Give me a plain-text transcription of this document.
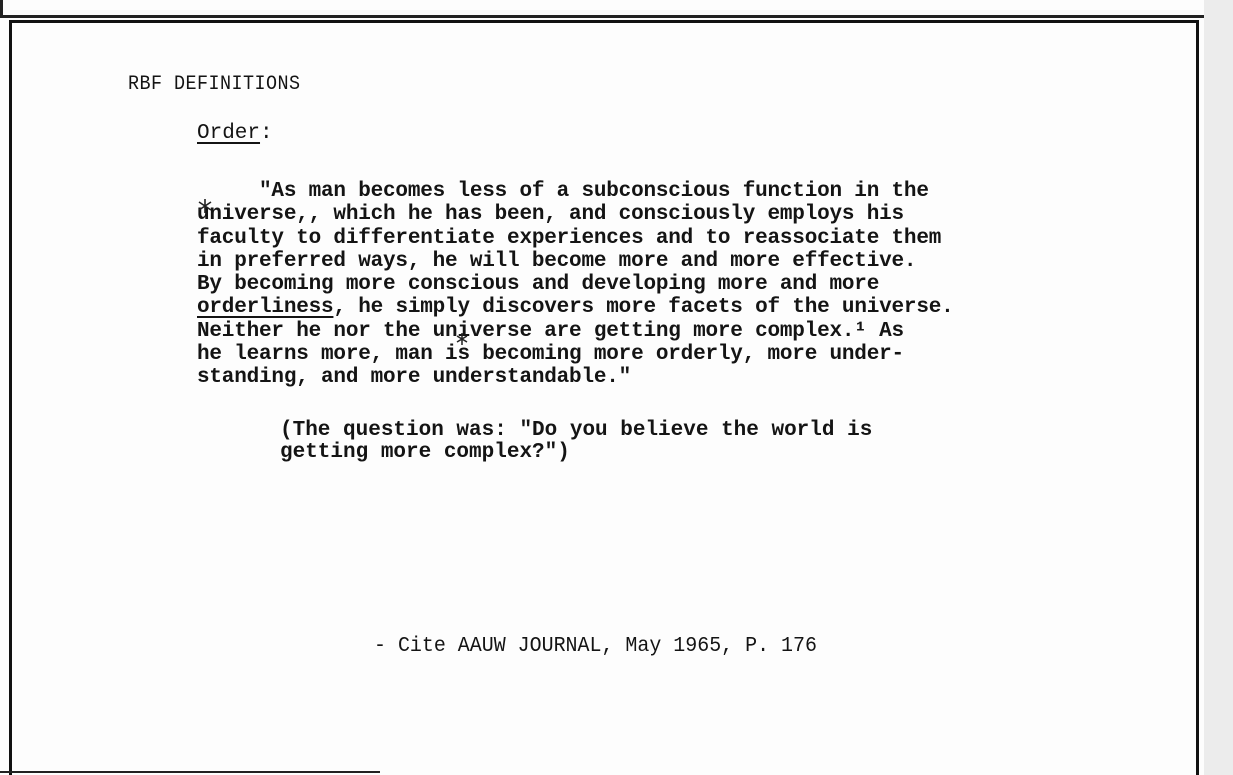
RBF DEFINITIONS
Order:
"As man becomes less of a subconscious function in the
universe,, which he has been, and consciously employs his
faculty to differentiate experiences and to reassociate them
in preferred ways, he will become more and more effective.
By becoming more conscious and developing more and more
orderliness, he simply discovers more facets of the universe.
Neither he nor the universe are getting more complex.¹ As
he learns more, man is becoming more orderly, more under-
standing, and more understandable."
(The question was: "Do you believe the world is
getting more complex?")
- Cite AAUW JOURNAL, May 1965, P. 176
